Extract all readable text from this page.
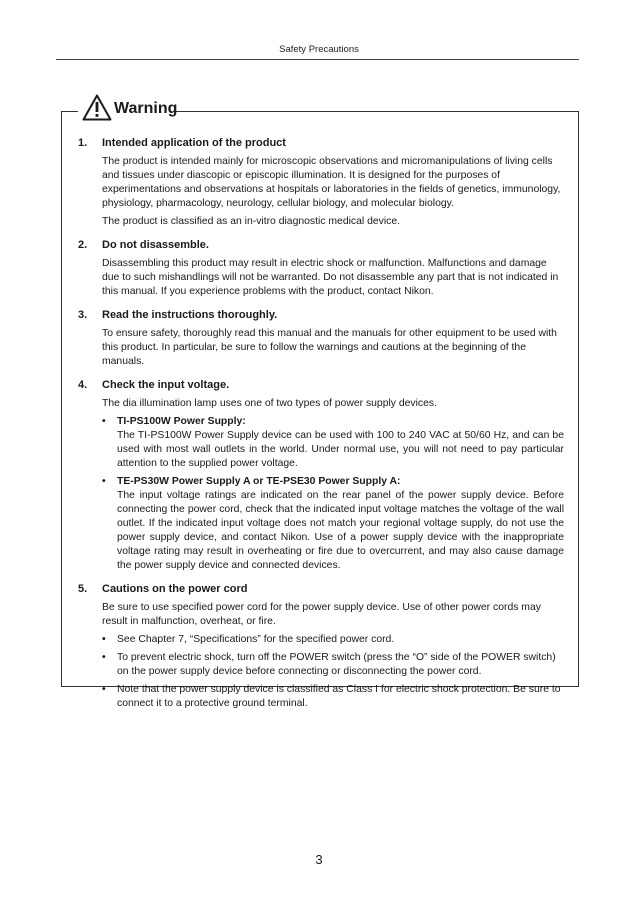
Safety Precautions
Warning
1.	Intended application of the product

The product is intended mainly for microscopic observations and micromanipulations of living cells and tissues under diascopic or episcopic illumination. It is designed for the purposes of experimentations and observations at hospitals or laboratories in the fields of genetics, immunology, physiology, pharmacology, neurology, cellular biology, and molecular biology.

The product is classified as an in-vitro diagnostic medical device.

2.	Do not disassemble.

Disassembling this product may result in electric shock or malfunction. Malfunctions and damage due to such mishandlings will not be warranted. Do not disassemble any part that is not indicated in this manual. If you experience problems with the product, contact Nikon.

3.	Read the instructions thoroughly.

To ensure safety, thoroughly read this manual and the manuals for other equipment to be used with this product. In particular, be sure to follow the warnings and cautions at the beginning of the manuals.

4.	Check the input voltage.

The dia illumination lamp uses one of two types of power supply devices.

•	TI-PS100W Power Supply:
The TI-PS100W Power Supply device can be used with 100 to 240 VAC at 50/60 Hz, and can be used with most wall outlets in the world. Under normal use, you will not need to pay particular attention to the supplied power voltage.
•	TE-PS30W Power Supply A or TE-PSE30 Power Supply A:
The input voltage ratings are indicated on the rear panel of the power supply device. Before connecting the power cord, check that the indicated input voltage matches the voltage of the wall outlet. If the indicated input voltage does not match your regional voltage supply, do not use the power supply device, and contact Nikon. Use of a power supply device with the inappropriate voltage rating may result in overheating or fire due to overcurrent, and may also cause damage the power supply device and connected devices.
5.	Cautions on the power cord

Be sure to use specified power cord for the power supply device. Use of other power cords may result in malfunction, overheat, or fire.

•	See Chapter 7, “Specifications” for the specified power cord.
•	To prevent electric shock, turn off the POWER switch (press the “O” side of the POWER switch) on the power supply device before connecting or disconnecting the power cord.
•	Note that the power supply device is classified as Class I for electric shock protection. Be sure to connect it to a protective ground terminal.
3
